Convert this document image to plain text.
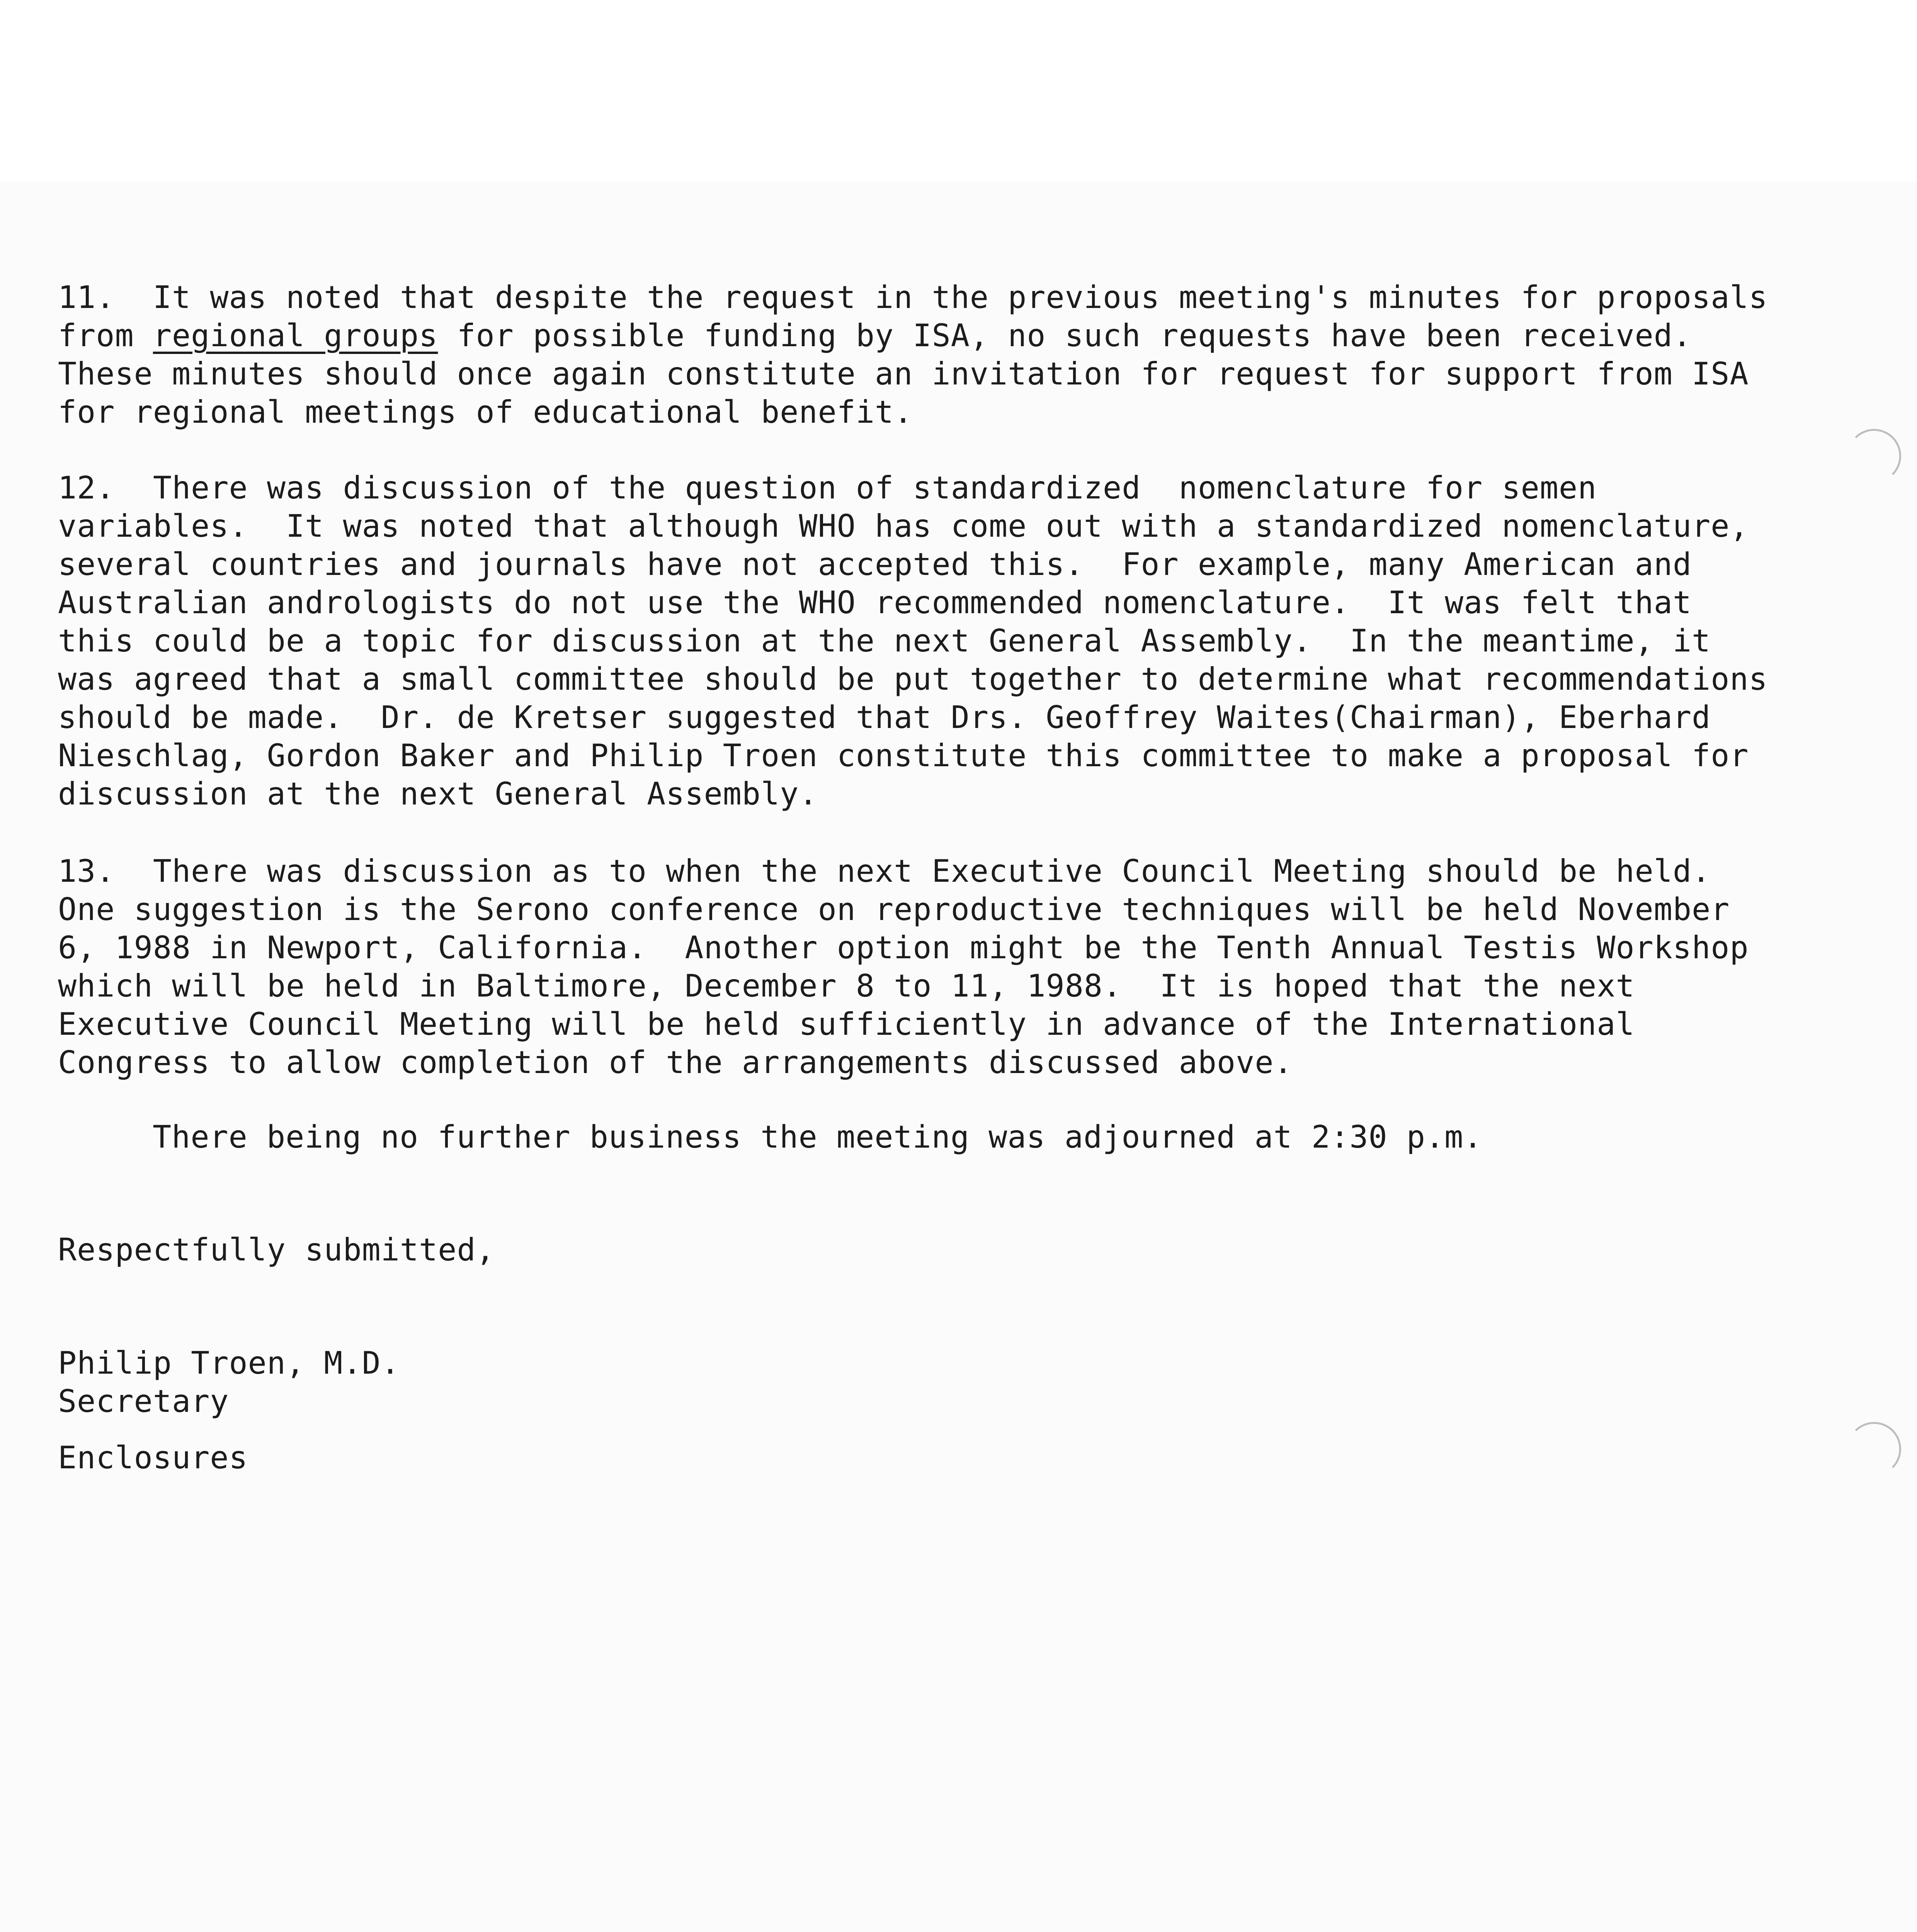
11.  It was noted that despite the request in the previous meeting's minutes for proposals
from regional groups for possible funding by ISA, no such requests have been received.
These minutes should once again constitute an invitation for request for support from ISA
for regional meetings of educational benefit.
12.  There was discussion of the question of standardized  nomenclature for semen
variables.  It was noted that although WHO has come out with a standardized nomenclature,
several countries and journals have not accepted this.  For example, many American and
Australian andrologists do not use the WHO recommended nomenclature.  It was felt that
this could be a topic for discussion at the next General Assembly.  In the meantime, it
was agreed that a small committee should be put together to determine what recommendations
should be made.  Dr. de Kretser suggested that Drs. Geoffrey Waites(Chairman), Eberhard
Nieschlag, Gordon Baker and Philip Troen constitute this committee to make a proposal for
discussion at the next General Assembly.
13.  There was discussion as to when the next Executive Council Meeting should be held.
One suggestion is the Serono conference on reproductive techniques will be held November
6, 1988 in Newport, California.  Another option might be the Tenth Annual Testis Workshop
which will be held in Baltimore, December 8 to 11, 1988.  It is hoped that the next
Executive Council Meeting will be held sufficiently in advance of the International
Congress to allow completion of the arrangements discussed above.
There being no further business the meeting was adjourned at 2:30 p.m.
Respectfully submitted,
Philip Troen, M.D.
Secretary
Enclosures
